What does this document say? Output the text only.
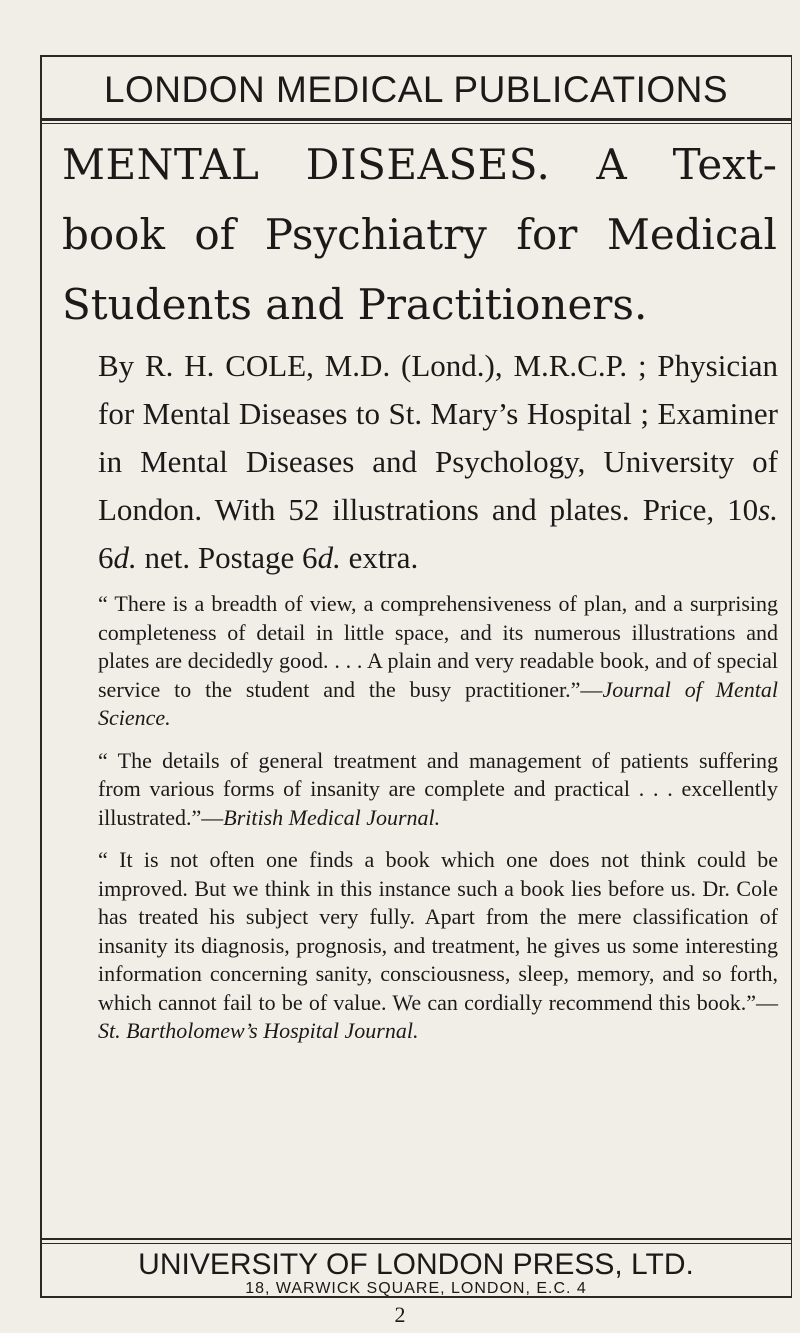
LONDON MEDICAL PUBLICATIONS
MENTAL DISEASES. A Text-book of Psychiatry for Medical Students and Practitioners.
By R. H. COLE, M.D. (Lond.), M.R.C.P. ; Physician for Mental Diseases to St. Mary’s Hospital ; Examiner in Mental Diseases and Psychology, University of London. With 52 illustrations and plates. Price, 10s. 6d. net. Postage 6d. extra.

“ There is a breadth of view, a comprehensiveness of plan, and a surprising completeness of detail in little space, and its numerous illustrations and plates are decidedly good. . . . A plain and very readable book, and of special service to the student and the busy practitioner.”—Journal of Mental Science.

“ The details of general treatment and management of patients suffering from various forms of insanity are complete and practical . . . excellently illustrated.”—British Medical Journal.

“ It is not often one finds a book which one does not think could be improved. But we think in this instance such a book lies before us. Dr. Cole has treated his subject very fully. Apart from the mere classification of insanity its diagnosis, prognosis, and treatment, he gives us some interesting information concerning sanity, consciousness, sleep, memory, and so forth, which cannot fail to be of value. We can cordially recommend this book.”—St. Bartholomew’s Hospital Journal.

UNIVERSITY OF LONDON PRESS, LTD.
18, WARWICK SQUARE, LONDON, E.C. 4
2
